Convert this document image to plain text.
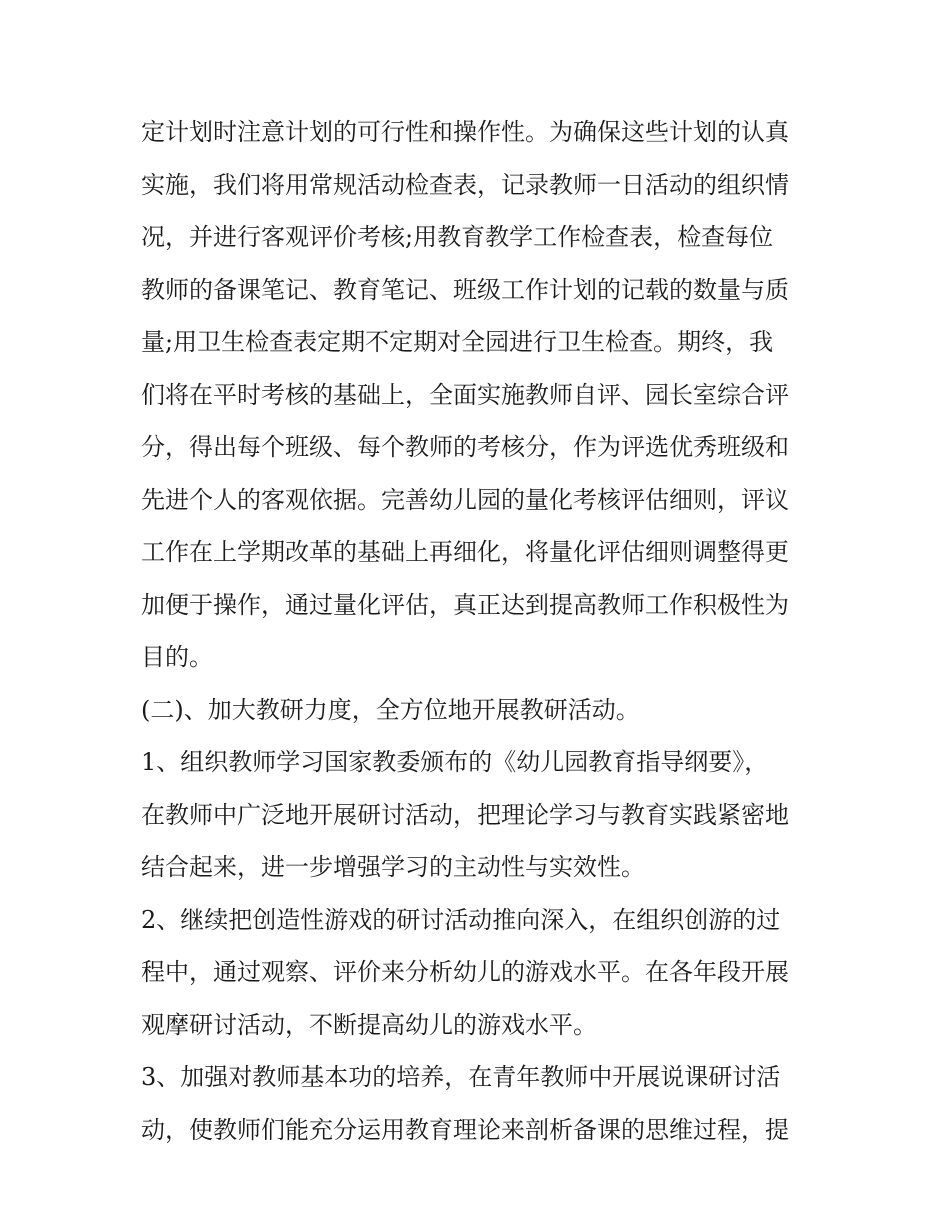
定计划时注意计划的可行性和操作性。为确保这些计划的认真
实施，我们将用常规活动检查表，记录教师一日活动的组织情
况，并进行客观评价考核;用教育教学工作检查表，检查每位
教师的备课笔记、教育笔记、班级工作计划的记载的数量与质
量;用卫生检查表定期不定期对全园进行卫生检查。期终，我
们将在平时考核的基础上，全面实施教师自评、园长室综合评
分，得出每个班级、每个教师的考核分，作为评选优秀班级和
先进个人的客观依据。完善幼儿园的量化考核评估细则，评议
工作在上学期改革的基础上再细化，将量化评估细则调整得更
加便于操作，通过量化评估，真正达到提高教师工作积极性为
目的。
(二)、加大教研力度，全方位地开展教研活动。
1、组织教师学习国家教委颁布的《幼儿园教育指导纲要》，
在教师中广泛地开展研讨活动，把理论学习与教育实践紧密地
结合起来，进一步增强学习的主动性与实效性。
2、继续把创造性游戏的研讨活动推向深入，在组织创游的过
程中，通过观察、评价来分析幼儿的游戏水平。在各年段开展
观摩研讨活动，不断提高幼儿的游戏水平。
3、加强对教师基本功的培养，在青年教师中开展说课研讨活
动，使教师们能充分运用教育理论来剖析备课的思维过程，提
